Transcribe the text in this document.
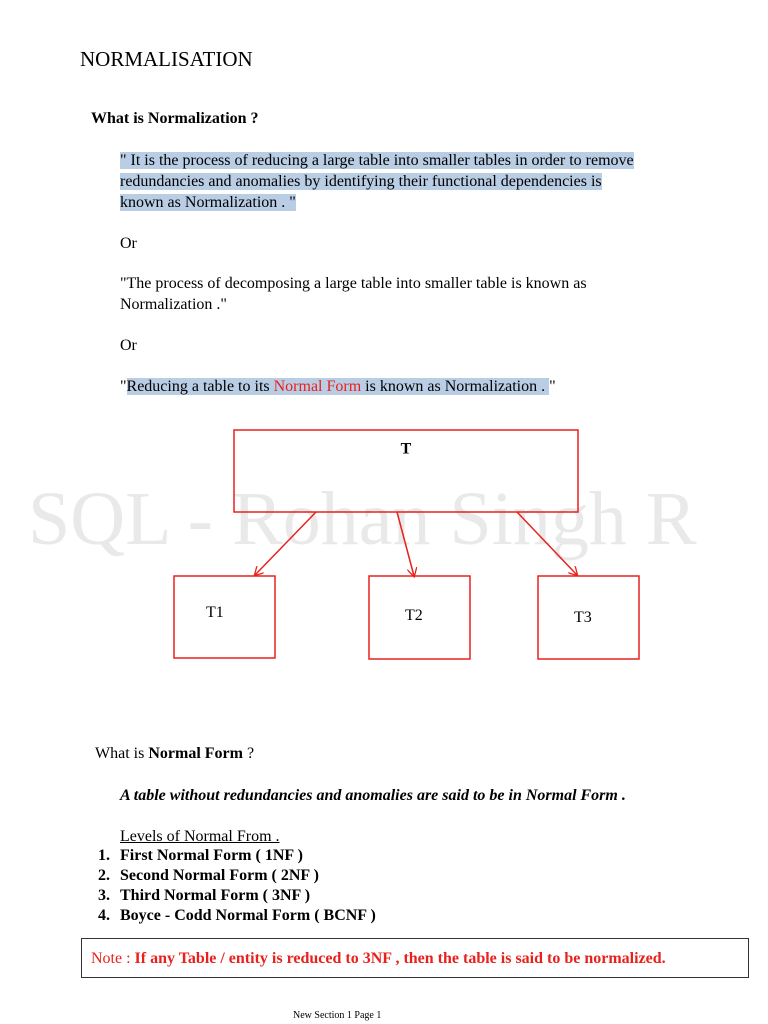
SQL - Rohan Singh R
NORMALISATION
What is Normalization ?
" It is the process of reducing a large table into smaller tables in order to remove
redundancies and anomalies by identifying their functional dependencies is
known as Normalization . "
Or
"The process of decomposing a large table into smaller table is known as
Normalization ."
Or
"Reducing a table to its Normal Form is known as Normalization . "
T
T1	T2	T3
What is Normal Form ?
A table without redundancies and anomalies are said to be in Normal Form .
Levels of Normal From .
1. First Normal Form ( 1NF )
2. Second Normal Form ( 2NF )
3. Third Normal Form ( 3NF )
4. Boyce - Codd Normal Form ( BCNF )
Note : If any Table / entity is reduced to 3NF , then the table is said to be normalized.
New Section 1 Page 1
